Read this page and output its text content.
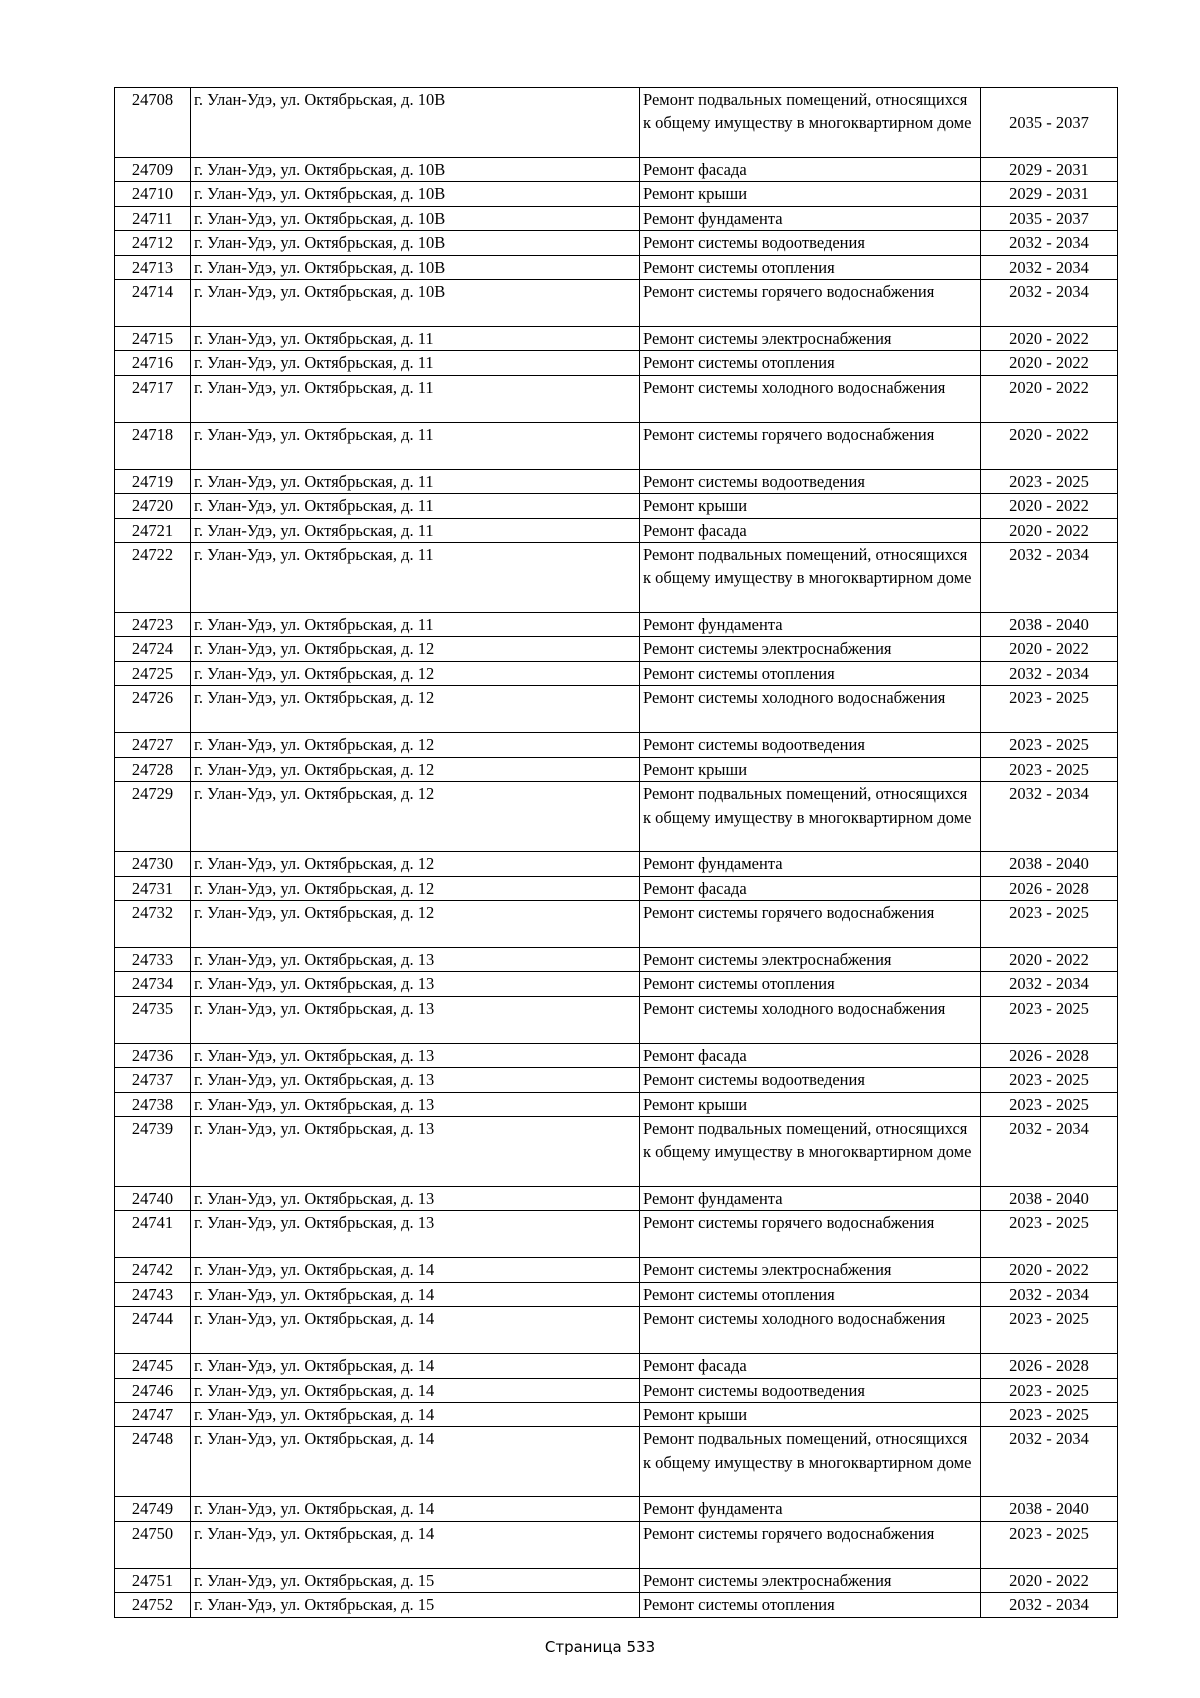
24708	г. Улан-Удэ, ул. Октябрьская, д. 10В	Ремонт подвальных помещений, относящихся к общему имуществу в многоквартирном доме	2035 - 2037
24709	г. Улан-Удэ, ул. Октябрьская, д. 10В	Ремонт фасада	2029 - 2031
24710	г. Улан-Удэ, ул. Октябрьская, д. 10В	Ремонт крыши	2029 - 2031
24711	г. Улан-Удэ, ул. Октябрьская, д. 10В	Ремонт фундамента	2035 - 2037
24712	г. Улан-Удэ, ул. Октябрьская, д. 10В	Ремонт системы водоотведения	2032 - 2034
24713	г. Улан-Удэ, ул. Октябрьская, д. 10В	Ремонт системы отопления	2032 - 2034
24714	г. Улан-Удэ, ул. Октябрьская, д. 10В	Ремонт системы горячего водоснабжения	2032 - 2034
24715	г. Улан-Удэ, ул. Октябрьская, д. 11	Ремонт системы электроснабжения	2020 - 2022
24716	г. Улан-Удэ, ул. Октябрьская, д. 11	Ремонт системы отопления	2020 - 2022
24717	г. Улан-Удэ, ул. Октябрьская, д. 11	Ремонт системы холодного водоснабжения	2020 - 2022
24718	г. Улан-Удэ, ул. Октябрьская, д. 11	Ремонт системы горячего водоснабжения	2020 - 2022
24719	г. Улан-Удэ, ул. Октябрьская, д. 11	Ремонт системы водоотведения	2023 - 2025
24720	г. Улан-Удэ, ул. Октябрьская, д. 11	Ремонт крыши	2020 - 2022
24721	г. Улан-Удэ, ул. Октябрьская, д. 11	Ремонт фасада	2020 - 2022
24722	г. Улан-Удэ, ул. Октябрьская, д. 11	Ремонт подвальных помещений, относящихся к общему имуществу в многоквартирном доме	2032 - 2034
24723	г. Улан-Удэ, ул. Октябрьская, д. 11	Ремонт фундамента	2038 - 2040
24724	г. Улан-Удэ, ул. Октябрьская, д. 12	Ремонт системы электроснабжения	2020 - 2022
24725	г. Улан-Удэ, ул. Октябрьская, д. 12	Ремонт системы отопления	2032 - 2034
24726	г. Улан-Удэ, ул. Октябрьская, д. 12	Ремонт системы холодного водоснабжения	2023 - 2025
24727	г. Улан-Удэ, ул. Октябрьская, д. 12	Ремонт системы водоотведения	2023 - 2025
24728	г. Улан-Удэ, ул. Октябрьская, д. 12	Ремонт крыши	2023 - 2025
24729	г. Улан-Удэ, ул. Октябрьская, д. 12	Ремонт подвальных помещений, относящихся к общему имуществу в многоквартирном доме	2032 - 2034
24730	г. Улан-Удэ, ул. Октябрьская, д. 12	Ремонт фундамента	2038 - 2040
24731	г. Улан-Удэ, ул. Октябрьская, д. 12	Ремонт фасада	2026 - 2028
24732	г. Улан-Удэ, ул. Октябрьская, д. 12	Ремонт системы горячего водоснабжения	2023 - 2025
24733	г. Улан-Удэ, ул. Октябрьская, д. 13	Ремонт системы электроснабжения	2020 - 2022
24734	г. Улан-Удэ, ул. Октябрьская, д. 13	Ремонт системы отопления	2032 - 2034
24735	г. Улан-Удэ, ул. Октябрьская, д. 13	Ремонт системы холодного водоснабжения	2023 - 2025
24736	г. Улан-Удэ, ул. Октябрьская, д. 13	Ремонт фасада	2026 - 2028
24737	г. Улан-Удэ, ул. Октябрьская, д. 13	Ремонт системы водоотведения	2023 - 2025
24738	г. Улан-Удэ, ул. Октябрьская, д. 13	Ремонт крыши	2023 - 2025
24739	г. Улан-Удэ, ул. Октябрьская, д. 13	Ремонт подвальных помещений, относящихся к общему имуществу в многоквартирном доме	2032 - 2034
24740	г. Улан-Удэ, ул. Октябрьская, д. 13	Ремонт фундамента	2038 - 2040
24741	г. Улан-Удэ, ул. Октябрьская, д. 13	Ремонт системы горячего водоснабжения	2023 - 2025
24742	г. Улан-Удэ, ул. Октябрьская, д. 14	Ремонт системы электроснабжения	2020 - 2022
24743	г. Улан-Удэ, ул. Октябрьская, д. 14	Ремонт системы отопления	2032 - 2034
24744	г. Улан-Удэ, ул. Октябрьская, д. 14	Ремонт системы холодного водоснабжения	2023 - 2025
24745	г. Улан-Удэ, ул. Октябрьская, д. 14	Ремонт фасада	2026 - 2028
24746	г. Улан-Удэ, ул. Октябрьская, д. 14	Ремонт системы водоотведения	2023 - 2025
24747	г. Улан-Удэ, ул. Октябрьская, д. 14	Ремонт крыши	2023 - 2025
24748	г. Улан-Удэ, ул. Октябрьская, д. 14	Ремонт подвальных помещений, относящихся к общему имуществу в многоквартирном доме	2032 - 2034
24749	г. Улан-Удэ, ул. Октябрьская, д. 14	Ремонт фундамента	2038 - 2040
24750	г. Улан-Удэ, ул. Октябрьская, д. 14	Ремонт системы горячего водоснабжения	2023 - 2025
24751	г. Улан-Удэ, ул. Октябрьская, д. 15	Ремонт системы электроснабжения	2020 - 2022
24752	г. Улан-Удэ, ул. Октябрьская, д. 15	Ремонт системы отопления	2032 - 2034
Страница 533
